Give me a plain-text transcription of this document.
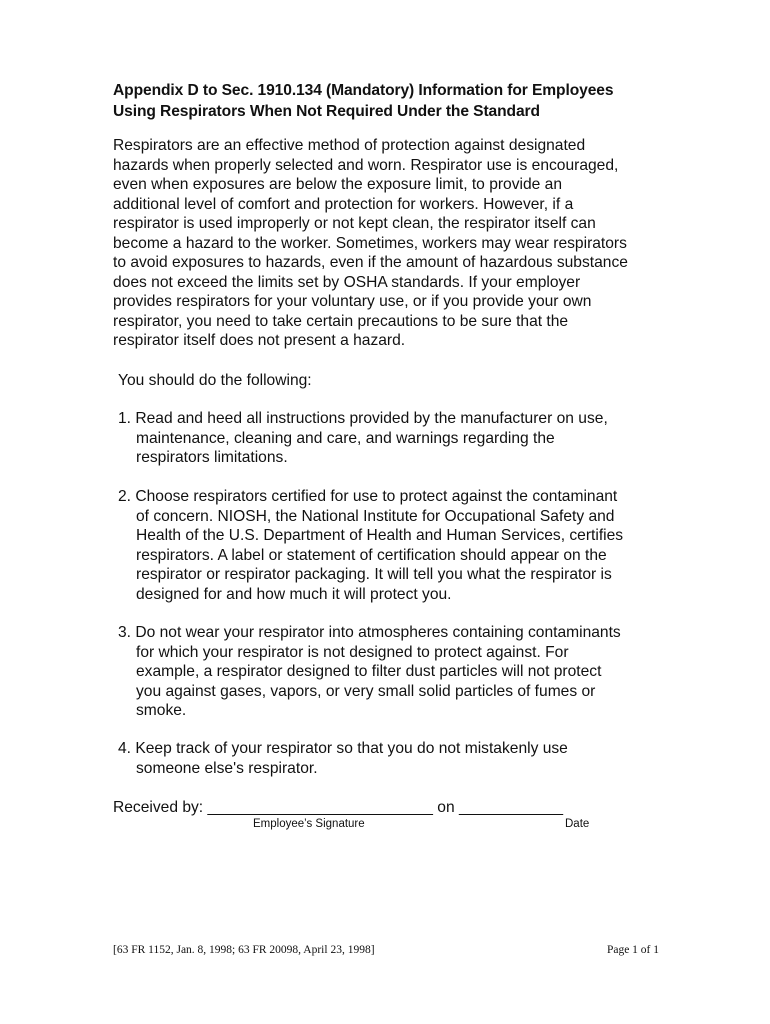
Appendix D to Sec. 1910.134 (Mandatory) Information for Employees
Using Respirators When Not Required Under the Standard

Respirators are an effective method of protection against designated
hazards when properly selected and worn. Respirator use is encouraged,
even when exposures are below the exposure limit, to provide an
additional level of comfort and protection for workers. However, if a
respirator is used improperly or not kept clean, the respirator itself can
become a hazard to the worker. Sometimes, workers may wear respirators
to avoid exposures to hazards, even if the amount of hazardous substance
does not exceed the limits set by OSHA standards. If your employer
provides respirators for your voluntary use, or if you provide your own
respirator, you need to take certain precautions to be sure that the
respirator itself does not present a hazard.

You should do the following:

1. Read and heed all instructions provided by the manufacturer on use,
maintenance, cleaning and care, and warnings regarding the
respirators limitations.

2. Choose respirators certified for use to protect against the contaminant
of concern. NIOSH, the National Institute for Occupational Safety and
Health of the U.S. Department of Health and Human Services, certifies
respirators. A label or statement of certification should appear on the
respirator or respirator packaging. It will tell you what the respirator is
designed for and how much it will protect you.

3. Do not wear your respirator into atmospheres containing contaminants
for which your respirator is not designed to protect against. For
example, a respirator designed to filter dust particles will not protect
you against gases, vapors, or very small solid particles of fumes or
smoke.

4. Keep track of your respirator so that you do not mistakenly use
someone else's respirator.

Received by: __________________________ on ____________
Employee’s Signature	Date
[63 FR 1152, Jan. 8, 1998; 63 FR 20098, April 23, 1998]	Page 1 of 1
